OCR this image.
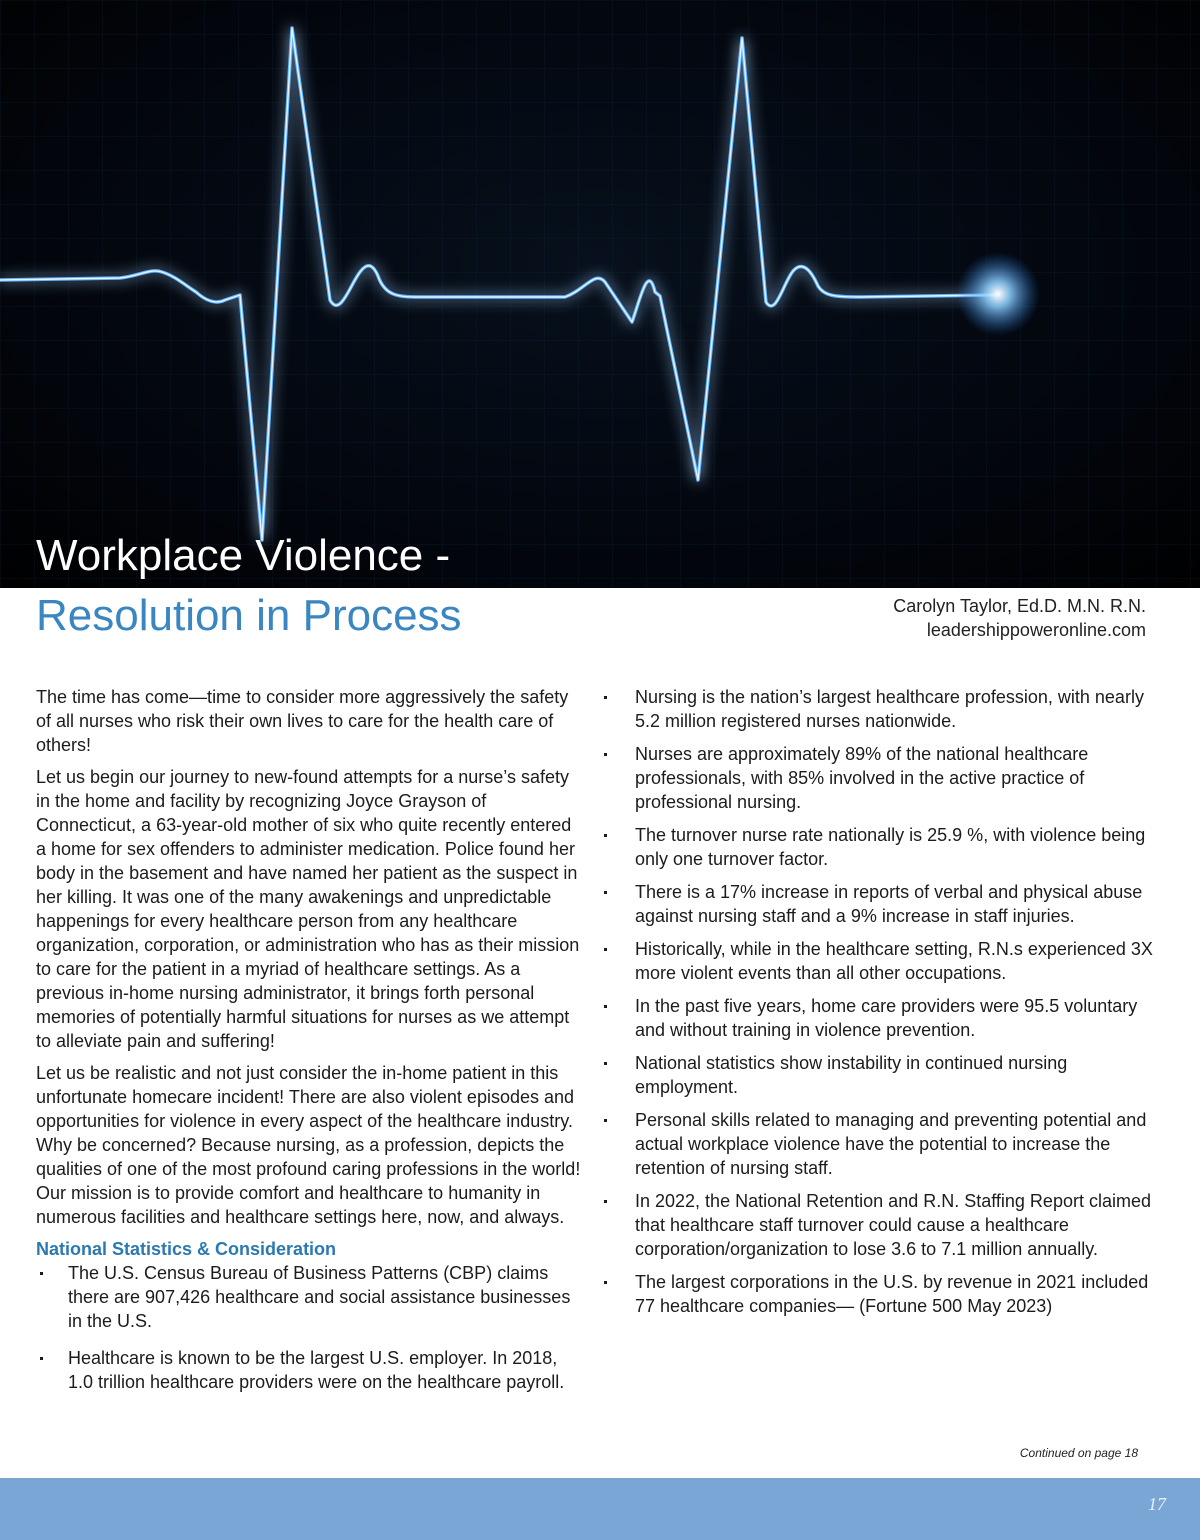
Workplace Violence -
Resolution in Process	Carolyn Taylor, Ed.D. M.N. R.N.
leadershippoweronline.com

The time has come—time to consider more aggressively the safety of all nurses who risk their own lives to care for the health care of others!

Let us begin our journey to new-found attempts for a nurse’s safety in the home and facility by recognizing Joyce Grayson of Connecticut, a 63-year-old mother of six who quite recently entered a home for sex offenders to administer medication. Police found her body in the basement and have named her patient as the suspect in her killing. It was one of the many awakenings and unpredictable happenings for every healthcare person from any healthcare organization, corporation, or administration who has as their mission to care for the patient in a myriad of healthcare settings. As a previous in-home nursing administrator, it brings forth personal memories of potentially harmful situations for nurses as we attempt to alleviate pain and suffering!

Let us be realistic and not just consider the in-home patient in this unfortunate homecare incident! There are also violent episodes and opportunities for violence in every aspect of the healthcare industry. Why be concerned? Because nursing, as a profession, depicts the qualities of one of the most profound caring professions in the world! Our mission is to provide comfort and healthcare to humanity in numerous facilities and healthcare settings here, now, and always.

National Statistics & Consideration
The U.S. Census Bureau of Business Patterns (CBP) claims there are 907,426 healthcare and social assistance businesses in the U.S.
Healthcare is known to be the largest U.S. employer. In 2018, 1.0 trillion healthcare providers were on the healthcare payroll.
Nursing is the nation’s largest healthcare profession, with nearly 5.2 million registered nurses nationwide.
Nurses are approximately 89% of the national healthcare professionals, with 85% involved in the active practice of professional nursing.
The turnover nurse rate nationally is 25.9 %, with violence being only one turnover factor.
There is a 17% increase in reports of verbal and physical abuse against nursing staff and a 9% increase in staff injuries.
Historically, while in the healthcare setting, R.N.s experienced 3X more violent events than all other occupations.
In the past five years, home care providers were 95.5 voluntary and without training in violence prevention.
National statistics show instability in continued nursing employment.
Personal skills related to managing and preventing potential and actual workplace violence have the potential to increase the retention of nursing staff.
In 2022, the National Retention and R.N. Staffing Report claimed that healthcare staff turnover could cause a healthcare corporation/organization to lose 3.6 to 7.1 million annually.
The largest corporations in the U.S. by revenue in 2021 included 77 healthcare companies— (Fortune 500 May 2023)
Continued on page 18
17
